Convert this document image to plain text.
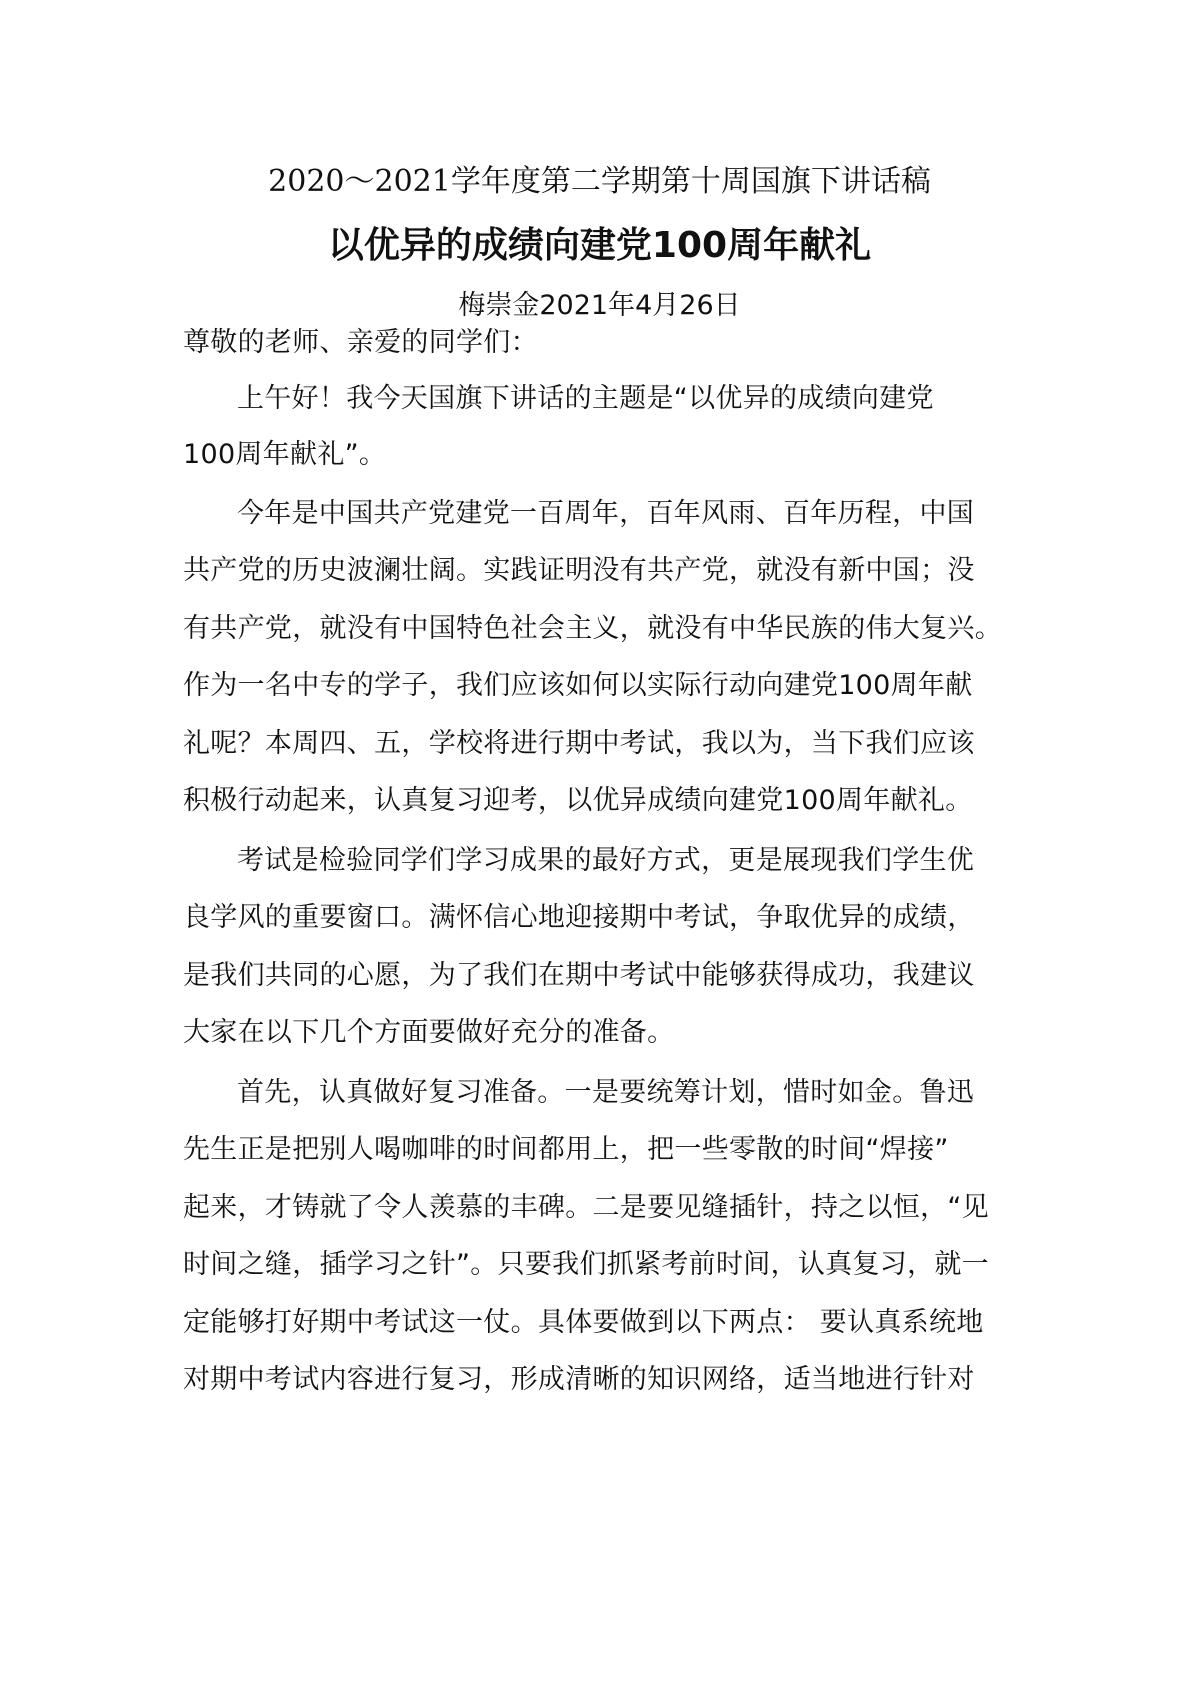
2020～2021学年度第二学期第十周国旗下讲话稿
以优异的成绩向建党100周年献礼
梅崇金2021年4月26日
尊敬的老师、亲爱的同学们：
上午好！我今天国旗下讲话的主题是“以优异的成绩向建党
100周年献礼”。
今年是中国共产党建党一百周年，百年风雨、百年历程，中国
共产党的历史波澜壮阔。实践证明没有共产党，就没有新中国；没
有共产党，就没有中国特色社会主义，就没有中华民族的伟大复兴。
作为一名中专的学子，我们应该如何以实际行动向建党100周年献
礼呢？本周四、五，学校将进行期中考试，我以为，当下我们应该
积极行动起来，认真复习迎考，以优异成绩向建党100周年献礼。
考试是检验同学们学习成果的最好方式，更是展现我们学生优
良学风的重要窗口。满怀信心地迎接期中考试，争取优异的成绩，
是我们共同的心愿，为了我们在期中考试中能够获得成功，我建议
大家在以下几个方面要做好充分的准备。
首先，认真做好复习准备。一是要统筹计划，惜时如金。鲁迅
先生正是把别人喝咖啡的时间都用上，把一些零散的时间“焊接”
起来，才铸就了令人羡慕的丰碑。二是要见缝插针，持之以恒，“见
时间之缝，插学习之针”。只要我们抓紧考前时间，认真复习，就一
定能够打好期中考试这一仗。具体要做到以下两点： 要认真系统地
对期中考试内容进行复习，形成清晰的知识网络，适当地进行针对
